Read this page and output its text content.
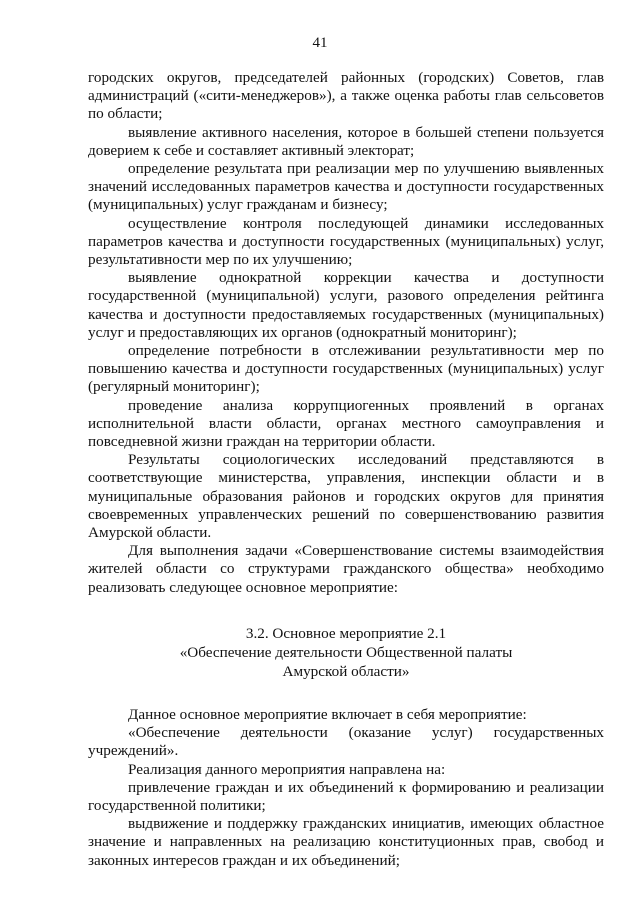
41

городских округов, председателей районных (городских) Советов, глав администраций («сити-менеджеров»), а также оценка работы глав сельсоветов по области;

выявление активного населения, которое в большей степени пользуется доверием к себе и составляет активный электорат;

определение результата при реализации мер по улучшению выявленных значений исследованных параметров качества и доступности государственных (муниципальных) услуг гражданам и бизнесу;

осуществление контроля последующей динамики исследованных параметров качества и доступности государственных (муниципальных) услуг, результативности мер по их улучшению;

выявление однократной коррекции качества и доступности государственной (муниципальной) услуги, разового определения рейтинга качества и доступности предоставляемых государственных (муниципальных) услуг и предоставляющих их органов (однократный мониторинг);

определение потребности в отслеживании результативности мер по повышению качества и доступности государственных (муниципальных) услуг (регулярный мониторинг);

проведение анализа коррупциогенных проявлений в органах исполнительной власти области, органах местного самоуправления и повседневной жизни граждан на территории области.

Результаты социологических исследований представляются в соответствующие министерства, управления, инспекции области и в муниципальные образования районов и городских округов для принятия своевременных управленческих решений по совершенствованию развития Амурской области.

Для выполнения задачи «Совершенствование системы взаимодействия жителей области со структурами гражданского общества» необходимо реализовать следующее основное мероприятие:

3.2. Основное мероприятие 2.1
«Обеспечение деятельности Общественной палаты
Амурской области»

Данное основное мероприятие включает в себя мероприятие:

«Обеспечение деятельности (оказание услуг) государственных учреждений».

Реализация данного мероприятия направлена на:

привлечение граждан и их объединений к формированию и реализации государственной политики;

выдвижение и поддержку гражданских инициатив, имеющих областное значение и направленных на реализацию конституционных прав, свобод и законных интересов граждан и их объединений;
